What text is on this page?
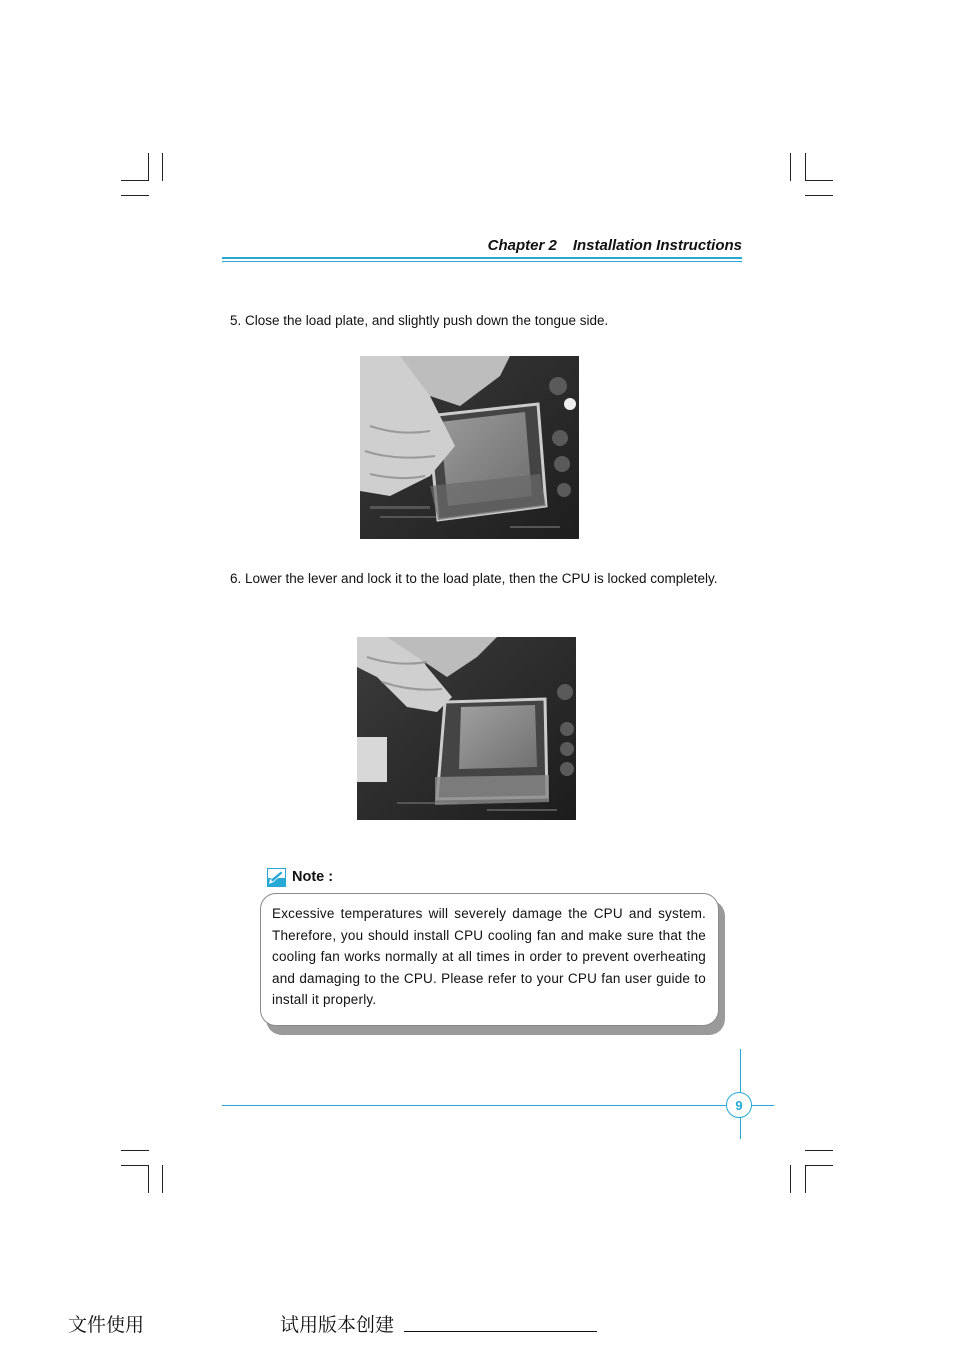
Chapter 2 Installation Instructions
5. Close the load plate, and slightly push down the tongue side.
6. Lower the lever and lock it to the load plate, then the CPU is locked completely.
Note :
Excessive temperatures will severely damage the CPU and system. Therefore, you should install CPU cooling fan and make sure that the cooling fan works normally at all times in order to prevent overheating and damaging to the CPU. Please refer to your CPU fan user guide to install it properly.
9
文件使用	试用版本创建
